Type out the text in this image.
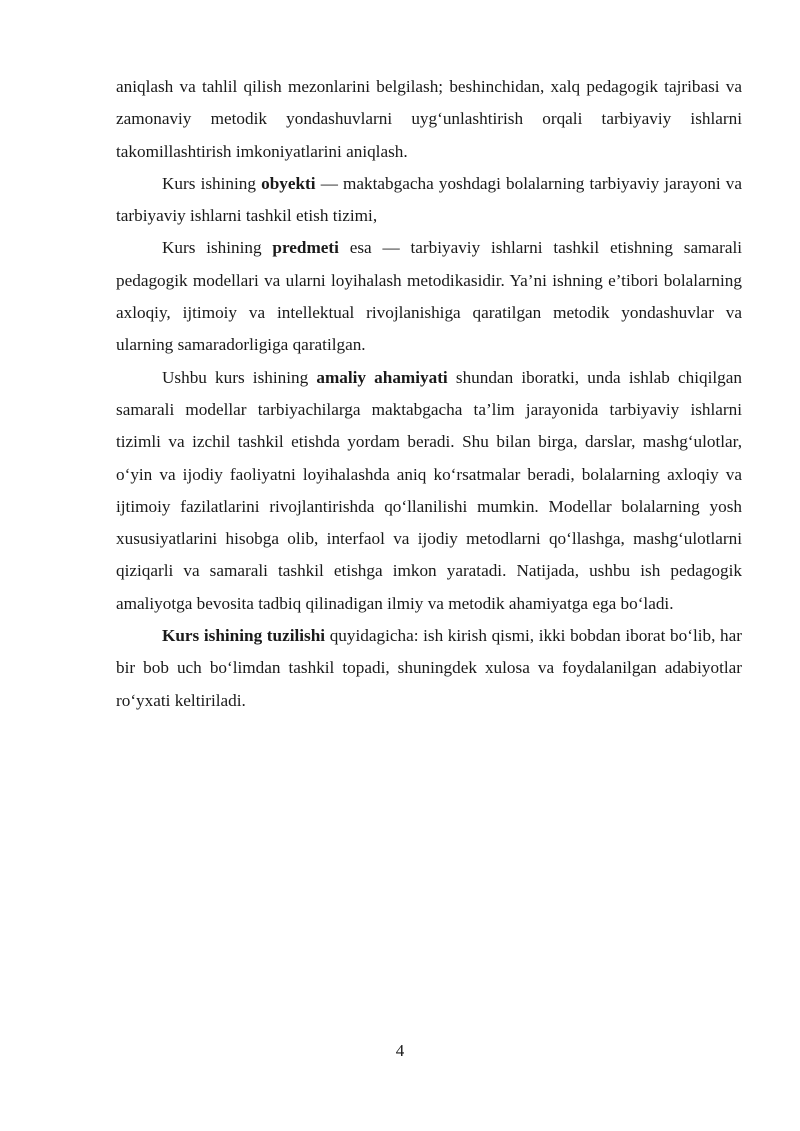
aniqlash va tahlil qilish mezonlarini belgilash; beshinchidan, xalq pedagogik tajribasi va zamonaviy metodik yondashuvlarni uyg‘unlashtirish orqali tarbiyaviy ishlarni takomillashtirish imkoniyatlarini aniqlash.

Kurs ishining obyekti — maktabgacha yoshdagi bolalarning tarbiyaviy jarayoni va tarbiyaviy ishlarni tashkil etish tizimi,

Kurs ishining predmeti esa — tarbiyaviy ishlarni tashkil etishning samarali pedagogik modellari va ularni loyihalash metodikasidir. Ya’ni ishning e’tibori bolalarning axloqiy, ijtimoiy va intellektual rivojlanishiga qaratilgan metodik yondashuvlar va ularning samaradorligiga qaratilgan.

Ushbu kurs ishining amaliy ahamiyati shundan iboratki, unda ishlab chiqilgan samarali modellar tarbiyachilarga maktabgacha ta’lim jarayonida tarbiyaviy ishlarni tizimli va izchil tashkil etishda yordam beradi. Shu bilan birga, darslar, mashg‘ulotlar, o‘yin va ijodiy faoliyatni loyihalashda aniq ko‘rsatmalar beradi, bolalarning axloqiy va ijtimoiy fazilatlarini rivojlantirishda qo‘llanilishi mumkin. Modellar bolalarning yosh xususiyatlarini hisobga olib, interfaol va ijodiy metodlarni qo‘llashga, mashg‘ulotlarni qiziqarli va samarali tashkil etishga imkon yaratadi. Natijada, ushbu ish pedagogik amaliyotga bevosita tadbiq qilinadigan ilmiy va metodik ahamiyatga ega bo‘ladi.

Kurs ishining tuzilishi quyidagicha: ish kirish qismi, ikki bobdan iborat bo‘lib, har bir bob uch bo‘limdan tashkil topadi, shuningdek xulosa va foydalanilgan adabiyotlar ro‘yxati keltiriladi.

4
